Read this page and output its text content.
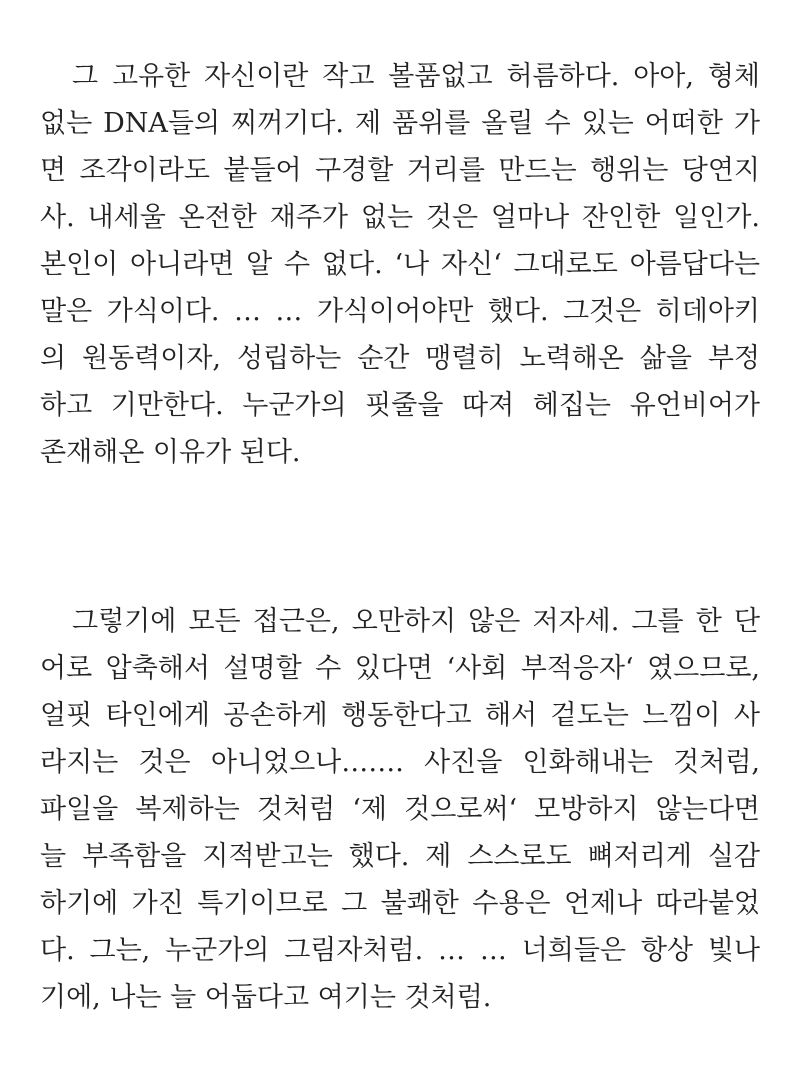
그 고유한 자신이란 작고 볼품없고 허름하다. 아아, 형체
없는 DNA들의 찌꺼기다. 제 품위를 올릴 수 있는 어떠한 가
면 조각이라도 붙들어 구경할 거리를 만드는 행위는 당연지
사. 내세울 온전한 재주가 없는 것은 얼마나 잔인한 일인가.
본인이 아니라면 알 수 없다. ‘나 자신‘ 그대로도 아름답다는
말은 가식이다. … … 가식이어야만 했다. 그것은 히데아키
의 원동력이자, 성립하는 순간 맹렬히 노력해온 삶을 부정
하고 기만한다. 누군가의 핏줄을 따져 헤집는 유언비어가
존재해온 이유가 된다.

그렇기에 모든 접근은, 오만하지 않은 저자세. 그를 한 단
어로 압축해서 설명할 수 있다면 ‘사회 부적응자‘ 였으므로,
얼핏 타인에게 공손하게 행동한다고 해서 겉도는 느낌이 사
라지는 것은 아니었으나……. 사진을 인화해내는 것처럼,
파일을 복제하는 것처럼 ‘제 것으로써‘ 모방하지 않는다면
늘 부족함을 지적받고는 했다. 제 스스로도 뼈저리게 실감
하기에 가진 특기이므로 그 불쾌한 수용은 언제나 따라붙었
다. 그는, 누군가의 그림자처럼. … … 너희들은 항상 빛나
기에, 나는 늘 어둡다고 여기는 것처럼.
